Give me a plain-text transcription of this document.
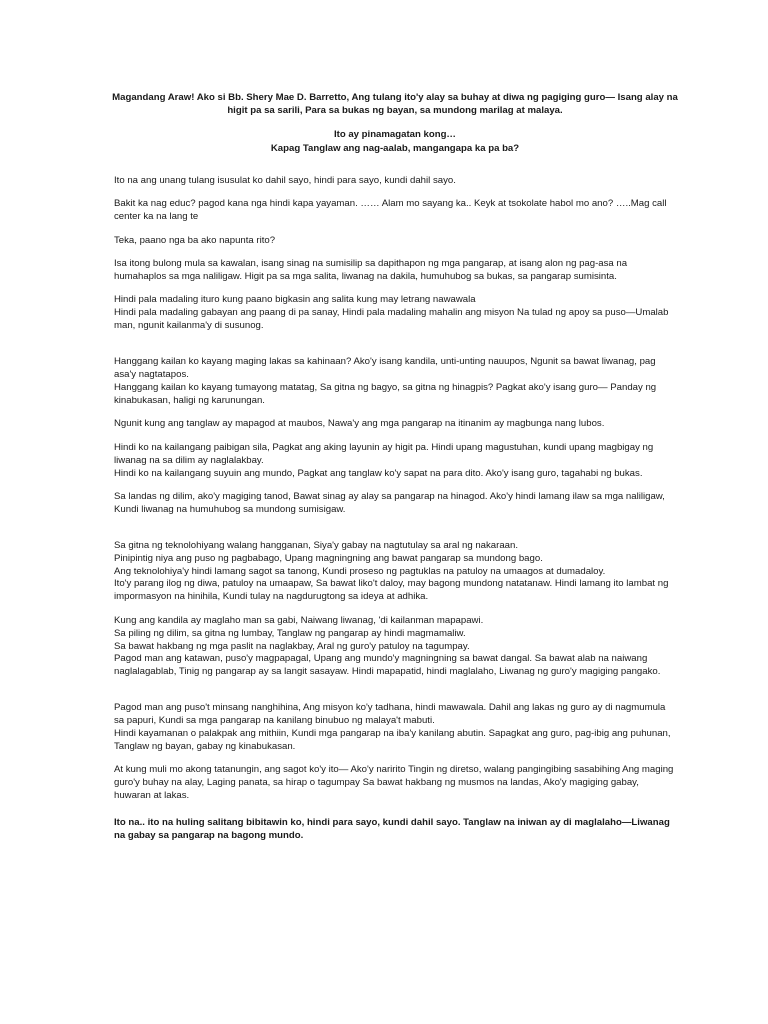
Magandang Araw! Ako si Bb. Shery Mae D. Barretto, Ang tulang ito'y alay sa buhay at diwa ng pagiging guro— Isang alay na higit pa sa sarili, Para sa bukas ng bayan, sa mundong marilag at malaya.

Ito ay pinamagatan kong…

Kapag Tanglaw ang nag-aalab, mangangapa ka pa ba?

Ito na ang unang tulang isusulat ko dahil sayo, hindi para sayo, kundi dahil sayo.

Bakit ka nag educ? pagod kana nga hindi kapa yayaman. …… Alam mo sayang ka.. Keyk at tsokolate habol mo ano? …..Mag call center ka na lang te

Teka, paano nga ba ako napunta rito?

Isa itong bulong mula sa kawalan, isang sinag na sumisilip sa dapithapon ng mga pangarap, at isang alon ng pag-asa na humahaplos sa mga naliligaw. Higit pa sa mga salita, liwanag na dakila, humuhubog sa bukas, sa pangarap sumisinta.

Hindi pala madaling ituro kung paano bigkasin ang salita kung may letrang nawawala
Hindi pala madaling gabayan ang paang di pa sanay, Hindi pala madaling mahalin ang misyon Na tulad ng apoy sa puso—Umalab man, ngunit kailanma'y di susunog.

Hanggang kailan ko kayang maging lakas sa kahinaan? Ako'y isang kandila, unti-unting nauupos, Ngunit sa bawat liwanag, pag asa'y nagtatapos.
Hanggang kailan ko kayang tumayong matatag, Sa gitna ng bagyo, sa gitna ng hinagpis? Pagkat ako'y isang guro— Panday ng kinabukasan, haligi ng karunungan.

Ngunit kung ang tanglaw ay mapagod at maubos, Nawa'y ang mga pangarap na itinanim ay magbunga nang lubos.

Hindi ko na kailangang paibigan sila, Pagkat ang aking layunin ay higit pa. Hindi upang magustuhan, kundi upang magbigay ng liwanag na sa dilim ay naglalakbay.
Hindi ko na kailangang suyuin ang mundo, Pagkat ang tanglaw ko'y sapat na para dito. Ako'y isang guro, tagahabi ng bukas.

Sa landas ng dilim, ako'y magiging tanod, Bawat sinag ay alay sa pangarap na hinagod. Ako'y hindi lamang ilaw sa mga naliligaw, Kundi liwanag na humuhubog sa mundong sumisigaw.

Sa gitna ng teknolohiyang walang hangganan, Siya'y gabay na nagtutulay sa aral ng nakaraan.
Pinipintig niya ang puso ng pagbabago, Upang magningning ang bawat pangarap sa mundong bago.
Ang teknolohiya'y hindi lamang sagot sa tanong, Kundi proseso ng pagtuklas na patuloy na umaagos at dumadaloy.
Ito'y parang ilog ng diwa, patuloy na umaapaw, Sa bawat liko't daloy, may bagong mundong natatanaw. Hindi lamang ito lambat ng impormasyon na hinihila, Kundi tulay na nagdurugtong sa ideya at adhika.

Kung ang kandila ay maglaho man sa gabi, Naiwang liwanag, 'di kailanman mapapawi.
Sa piling ng dilim, sa gitna ng lumbay, Tanglaw ng pangarap ay hindi magmamaliw.
Sa bawat hakbang ng mga paslit na naglakbay, Aral ng guro'y patuloy na tagumpay.
Pagod man ang katawan, puso'y magpapagal, Upang ang mundo'y magningning sa bawat dangal. Sa bawat alab na naiwang naglalagablab, Tinig ng pangarap ay sa langit sasayaw. Hindi mapapatid, hindi maglalaho, Liwanag ng guro'y magiging pangako.

Pagod man ang puso't minsang nanghihina, Ang misyon ko'y tadhana, hindi mawawala. Dahil ang lakas ng guro ay di nagmumula sa papuri, Kundi sa mga pangarap na kanilang binubuo ng malaya't mabuti.
Hindi kayamanan o palakpak ang mithiin, Kundi mga pangarap na iba'y kanilang abutin. Sapagkat ang guro, pag-ibig ang puhunan, Tanglaw ng bayan, gabay ng kinabukasan.

At kung muli mo akong tatanungin, ang sagot ko'y ito— Ako'y naririto Tingin ng diretso, walang pangingibing sasabihing Ang maging guro'y buhay na alay, Laging panata, sa hirap o tagumpay Sa bawat hakbang ng musmos na landas, Ako'y magiging gabay, huwaran at lakas.

Ito na.. ito na huling salitang bibitawin ko, hindi para sayo, kundi dahil sayo. Tanglaw na iniwan ay di maglalaho—Liwanag na gabay sa pangarap na bagong mundo.
